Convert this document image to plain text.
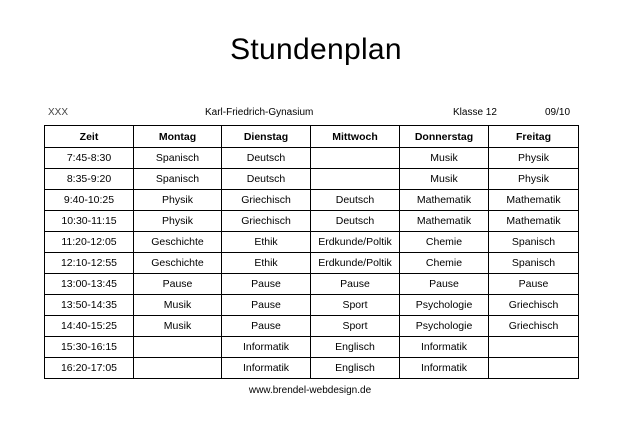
Stundenplan
XXX	Karl-Friedrich-Gynasium	Klasse 12	09/10
Zeit	Montag	Dienstag	Mittwoch	Donnerstag	Freitag
7:45-8:30	Spanisch	Deutsch		Musik	Physik
8:35-9:20	Spanisch	Deutsch		Musik	Physik
9:40-10:25	Physik	Griechisch	Deutsch	Mathematik	Mathematik
10:30-11:15	Physik	Griechisch	Deutsch	Mathematik	Mathematik
11:20-12:05	Geschichte	Ethik	Erdkunde/Poltik	Chemie	Spanisch
12:10-12:55	Geschichte	Ethik	Erdkunde/Poltik	Chemie	Spanisch
13:00-13:45	Pause	Pause	Pause	Pause	Pause
13:50-14:35	Musik	Pause	Sport	Psychologie	Griechisch
14:40-15:25	Musik	Pause	Sport	Psychologie	Griechisch
15:30-16:15		Informatik	Englisch	Informatik	
16:20-17:05		Informatik	Englisch	Informatik	
www.brendel-webdesign.de
